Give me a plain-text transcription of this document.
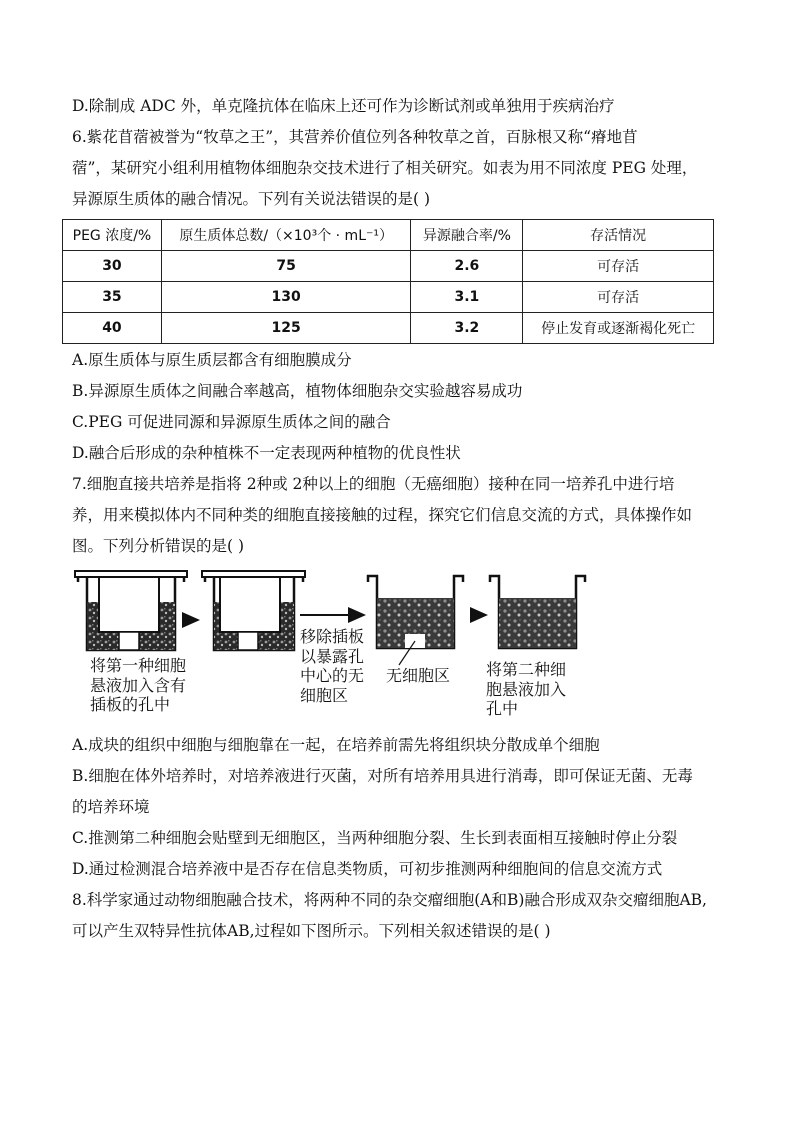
D.除制成 ADC 外，单克隆抗体在临床上还可作为诊断试剂或单独用于疾病治疗
6.紫花苜蓿被誉为“牧草之王”，其营养价值位列各种牧草之首，百脉根又称“瘠地苜
蓿”，某研究小组利用植物体细胞杂交技术进行了相关研究。如表为用不同浓度 PEG 处理，
异源原生质体的融合情况。下列有关说法错误的是( )
PEG 浓度/%	原生质体总数/（×10³个 · mL⁻¹）	异源融合率/%	存活情况
30	75	2.6	可存活
35	130	3.1	可存活
40	125	3.2	停止发育或逐渐褐化死亡
A.原生质体与原生质层都含有细胞膜成分
B.异源原生质体之间融合率越高，植物体细胞杂交实验越容易成功
C.PEG 可促进同源和异源原生质体之间的融合
D.融合后形成的杂种植株不一定表现两种植物的优良性状
7.细胞直接共培养是指将 2种或 2种以上的细胞（无癌细胞）接种在同一培养孔中进行培
养，用来模拟体内不同种类的细胞直接接触的过程，探究它们信息交流的方式，具体操作如
图。下列分析错误的是( )
将第一种细胞
悬液加入含有
插板的孔中
移除插板
以暴露孔
中心的无
细胞区
无细胞区 将第二种细
胞悬液加入
孔中
A.成块的组织中细胞与细胞靠在一起，在培养前需先将组织块分散成单个细胞
B.细胞在体外培养时，对培养液进行灭菌，对所有培养用具进行消毒，即可保证无菌、无毒
的培养环境
C.推测第二种细胞会贴壁到无细胞区，当两种细胞分裂、生长到表面相互接触时停止分裂
D.通过检测混合培养液中是否存在信息类物质，可初步推测两种细胞间的信息交流方式
8.科学家通过动物细胞融合技术，将两种不同的杂交瘤细胞(A和B)融合形成双杂交瘤细胞AB,
可以产生双特异性抗体AB,过程如下图所示。下列相关叙述错误的是( )
